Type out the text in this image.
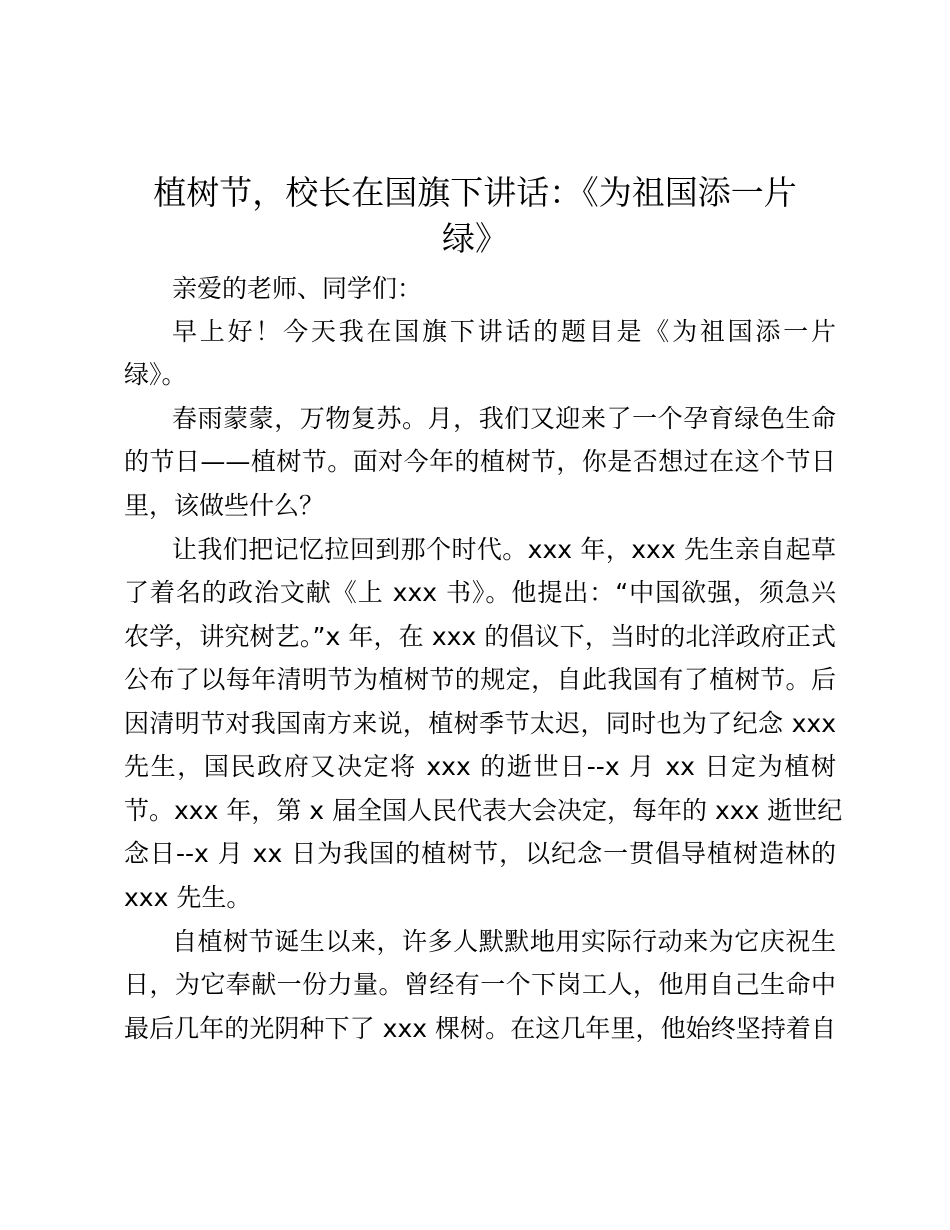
植树节，校长在国旗下讲话：《为祖国添一片
绿》

亲爱的老师、同学们：

早上好！今天我在国旗下讲话的题目是《为祖国添一片

绿》。

春雨蒙蒙，万物复苏。月，我们又迎来了一个孕育绿色生命

的节日——植树节。面对今年的植树节，你是否想过在这个节日

里，该做些什么？

让我们把记忆拉回到那个时代。xxx 年，xxx 先生亲自起草

了着名的政治文献《上 xxx 书》。他提出：“中国欲强，须急兴

农学，讲究树艺。”x 年，在 xxx 的倡议下，当时的北洋政府正式

公布了以每年清明节为植树节的规定，自此我国有了植树节。后

因清明节对我国南方来说，植树季节太迟，同时也为了纪念 xxx

先生，国民政府又决定将 xxx 的逝世日--x 月 xx 日定为植树

节。xxx 年，第 x 届全国人民代表大会决定，每年的 xxx 逝世纪

念日--x 月 xx 日为我国的植树节，以纪念一贯倡导植树造林的

xxx 先生。

自植树节诞生以来，许多人默默地用实际行动来为它庆祝生

日，为它奉献一份力量。曾经有一个下岗工人，他用自己生命中

最后几年的光阴种下了 xxx 棵树。在这几年里，他始终坚持着自
